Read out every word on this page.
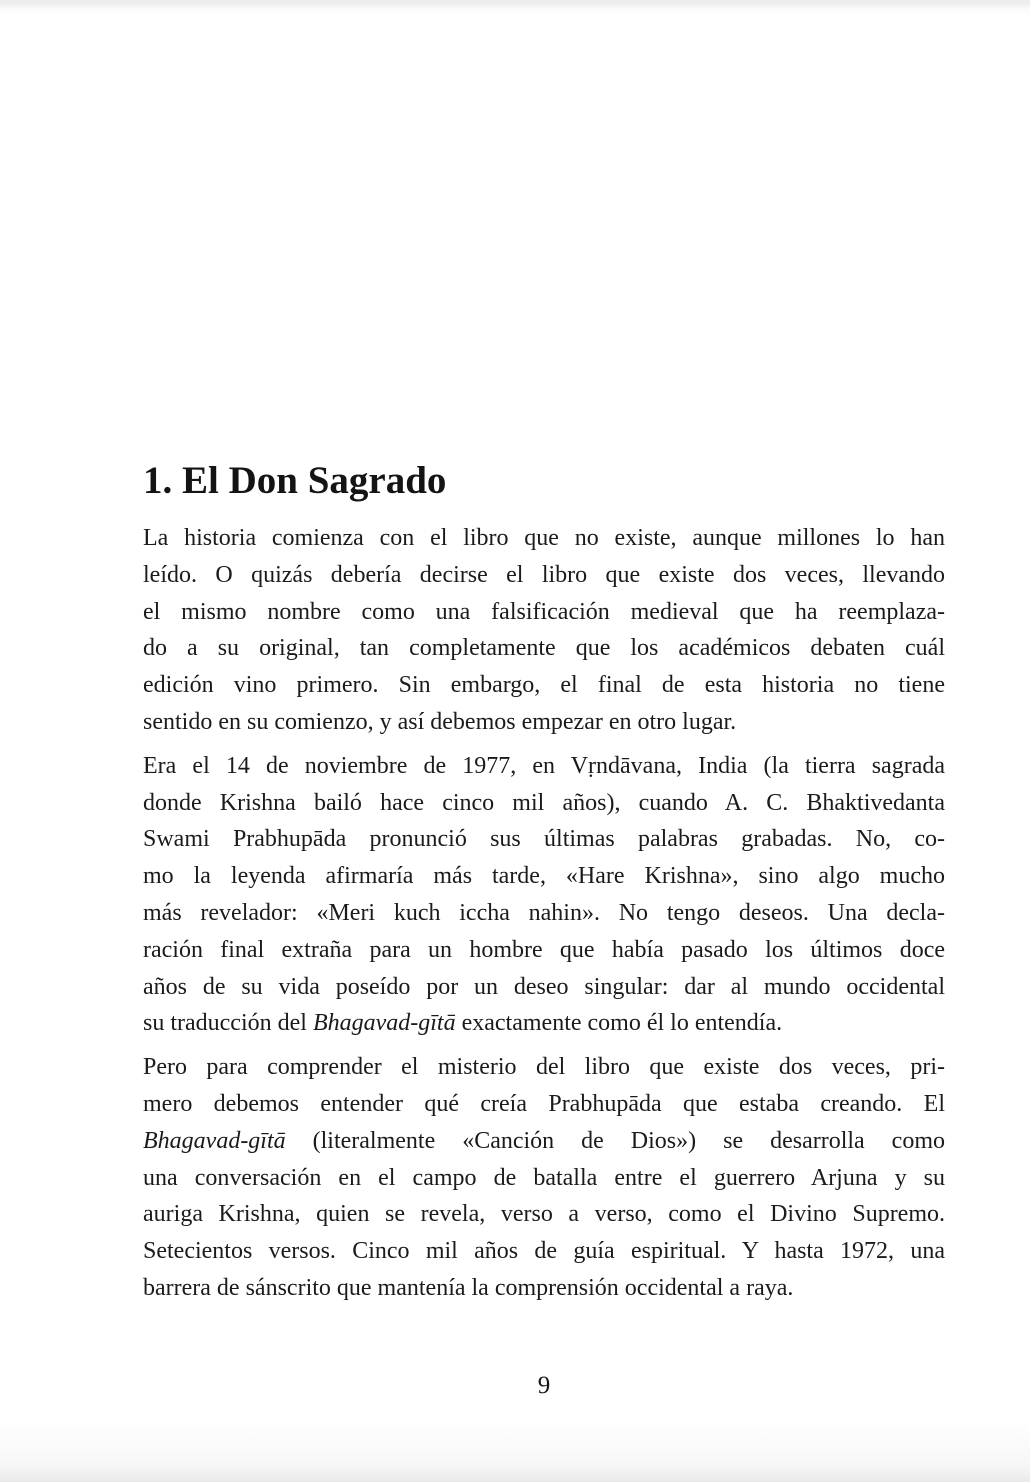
1. El Don Sagrado
La historia comienza con el libro que no existe, aunque millones lo han
leído. O quizás debería decirse el libro que existe dos veces, llevando
el mismo nombre como una falsificación medieval que ha reemplaza-
do a su original, tan completamente que los académicos debaten cuál
edición vino primero. Sin embargo, el final de esta historia no tiene
sentido en su comienzo, y así debemos empezar en otro lugar.
Era el 14 de noviembre de 1977, en Vṛndāvana, India (la tierra sagrada
donde Krishna bailó hace cinco mil años), cuando A. C. Bhaktivedanta
Swami Prabhupāda pronunció sus últimas palabras grabadas. No, co-
mo la leyenda afirmaría más tarde, «Hare Krishna», sino algo mucho
más revelador: «Meri kuch iccha nahin». No tengo deseos. Una decla-
ración final extraña para un hombre que había pasado los últimos doce
años de su vida poseído por un deseo singular: dar al mundo occidental
su traducción del Bhagavad-gītā exactamente como él lo entendía.
Pero para comprender el misterio del libro que existe dos veces, pri-
mero debemos entender qué creía Prabhupāda que estaba creando. El
Bhagavad-gītā (literalmente «Canción de Dios») se desarrolla como
una conversación en el campo de batalla entre el guerrero Arjuna y su
auriga Krishna, quien se revela, verso a verso, como el Divino Supremo.
Setecientos versos. Cinco mil años de guía espiritual. Y hasta 1972, una
barrera de sánscrito que mantenía la comprensión occidental a raya.
9
